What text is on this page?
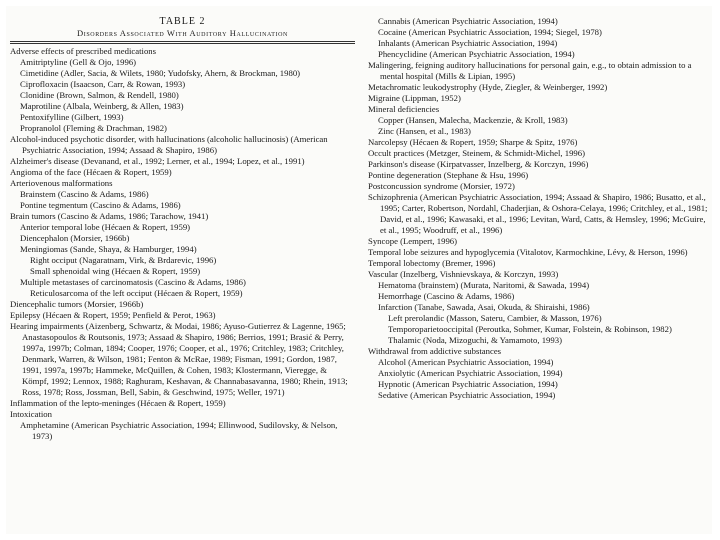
TABLE 2
Disorders Associated With Auditory Hallucination
Adverse effects of prescribed medications
Amitriptyline (Gell & Ojo, 1996)
Cimetidine (Adler, Sacia, & Wilets, 1980; Yudofsky, Ahern, & Brockman, 1980)
Ciprofloxacin (Isaacson, Carr, & Rowan, 1993)
Clonidine (Brown, Salmon, & Rendell, 1980)
Maprotiline (Albala, Weinberg, & Allen, 1983)
Pentoxifylline (Gilbert, 1993)
Propranolol (Fleming & Drachman, 1982)
Alcohol-induced psychotic disorder, with hallucinations (alcoholic hallucinosis) (American Psychiatric Association, 1994; Assaad & Shapiro, 1986)
Alzheimer's disease (Devanand, et al., 1992; Lerner, et al., 1994; Lopez, et al., 1991)
Angioma of the face (Hécaen & Ropert, 1959)
Arteriovenous malformations
Brainstem (Cascino & Adams, 1986)
Pontine tegmentum (Cascino & Adams, 1986)
Brain tumors (Cascino & Adams, 1986; Tarachow, 1941)
Anterior temporal lobe (Hécaen & Ropert, 1959)
Diencephalon (Morsier, 1966b)
Meningiomas (Sande, Shaya, & Hamburger, 1994)
Right occiput (Nagaratnam, Virk, & Brdarevic, 1996)
Small sphenoidal wing (Hécaen & Ropert, 1959)
Multiple metastases of carcinomatosis (Cascino & Adams, 1986)
Reticulosarcoma of the left occiput (Hécaen & Ropert, 1959)
Diencephalic tumors (Morsier, 1966b)
Epilepsy (Hécaen & Ropert, 1959; Penfield & Perot, 1963)
Hearing impairments (Aizenberg, Schwartz, & Modai, 1986; Ayuso-Gutierrez & Lagenne, 1965; Anastasopoulos & Routsonis, 1973; Assaad & Shapiro, 1986; Berrios, 1991; Brasić & Perry, 1997a, 1997b; Colman, 1894; Cooper, 1976; Cooper, et al., 1976; Critchley, 1983; Critchley, Denmark, Warren, & Wilson, 1981; Fenton & McRae, 1989; Fisman, 1991; Gordon, 1987, 1991, 1997a, 1997b; Hammeke, McQuillen, & Cohen, 1983; Klostermann, Vieregge, & Kömpf, 1992; Lennox, 1988; Raghuram, Keshavan, & Channabasavanna, 1980; Rhein, 1913; Ross, 1978; Ross, Jossman, Bell, Sabin, & Geschwind, 1975; Weller, 1971)
Inflammation of the lepto-meninges (Hécaen & Ropert, 1959)
Intoxication
Amphetamine (American Psychiatric Association, 1994; Ellinwood, Sudilovsky, & Nelson, 1973)
Cannabis (American Psychiatric Association, 1994)
Cocaine (American Psychiatric Association, 1994; Siegel, 1978)
Inhalants (American Psychiatric Association, 1994)
Phencyclidine (American Psychiatric Association, 1994)
Malingering, feigning auditory hallucinations for personal gain, e.g., to obtain admission to a mental hospital (Mills & Lipian, 1995)
Metachromatic leukodystrophy (Hyde, Ziegler, & Weinberger, 1992)
Migraine (Lippman, 1952)
Mineral deficiencies
Copper (Hansen, Malecha, Mackenzie, & Kroll, 1983)
Zinc (Hansen, et al., 1983)
Narcolepsy (Hécaen & Ropert, 1959; Sharpe & Spitz, 1976)
Occult practices (Metzger, Steinem, & Schmidt-Michel, 1996)
Parkinson's disease (Kirpatvasser, Inzelberg, & Korczyn, 1996)
Pontine degeneration (Stephane & Hsu, 1996)
Postconcussion syndrome (Morsier, 1972)
Schizophrenia (American Psychiatric Association, 1994; Assaad & Shapiro, 1986; Busatto, et al., 1995; Carter, Robertson, Nordahl, Chaderjian, & Oshora-Celaya, 1996; Critchley, et al., 1981; David, et al., 1996; Kawasaki, et al., 1996; Levitan, Ward, Catts, & Hemsley, 1996; McGuire, et al., 1995; Woodruff, et al., 1996)
Syncope (Lempert, 1996)
Temporal lobe seizures and hypoglycemia (Vitalotov, Karmochkine, Lévy, & Herson, 1996)
Temporal lobectomy (Bremer, 1996)
Vascular (Inzelberg, Vishnievskaya, & Korczyn, 1993)
Hematoma (brainstem) (Murata, Naritomi, & Sawada, 1994)
Hemorrhage (Cascino & Adams, 1986)
Infarction (Tanabe, Sawada, Asai, Okuda, & Shiraishi, 1986)
Left prerolandic (Masson, Sateru, Cambier, & Masson, 1976)
Temporoparietooccipital (Peroutka, Sohmer, Kumar, Folstein, & Robinson, 1982)
Thalamic (Noda, Mizoguchi, & Yamamoto, 1993)
Withdrawal from addictive substances
Alcohol (American Psychiatric Association, 1994)
Anxiolytic (American Psychiatric Association, 1994)
Hypnotic (American Psychiatric Association, 1994)
Sedative (American Psychiatric Association, 1994)
